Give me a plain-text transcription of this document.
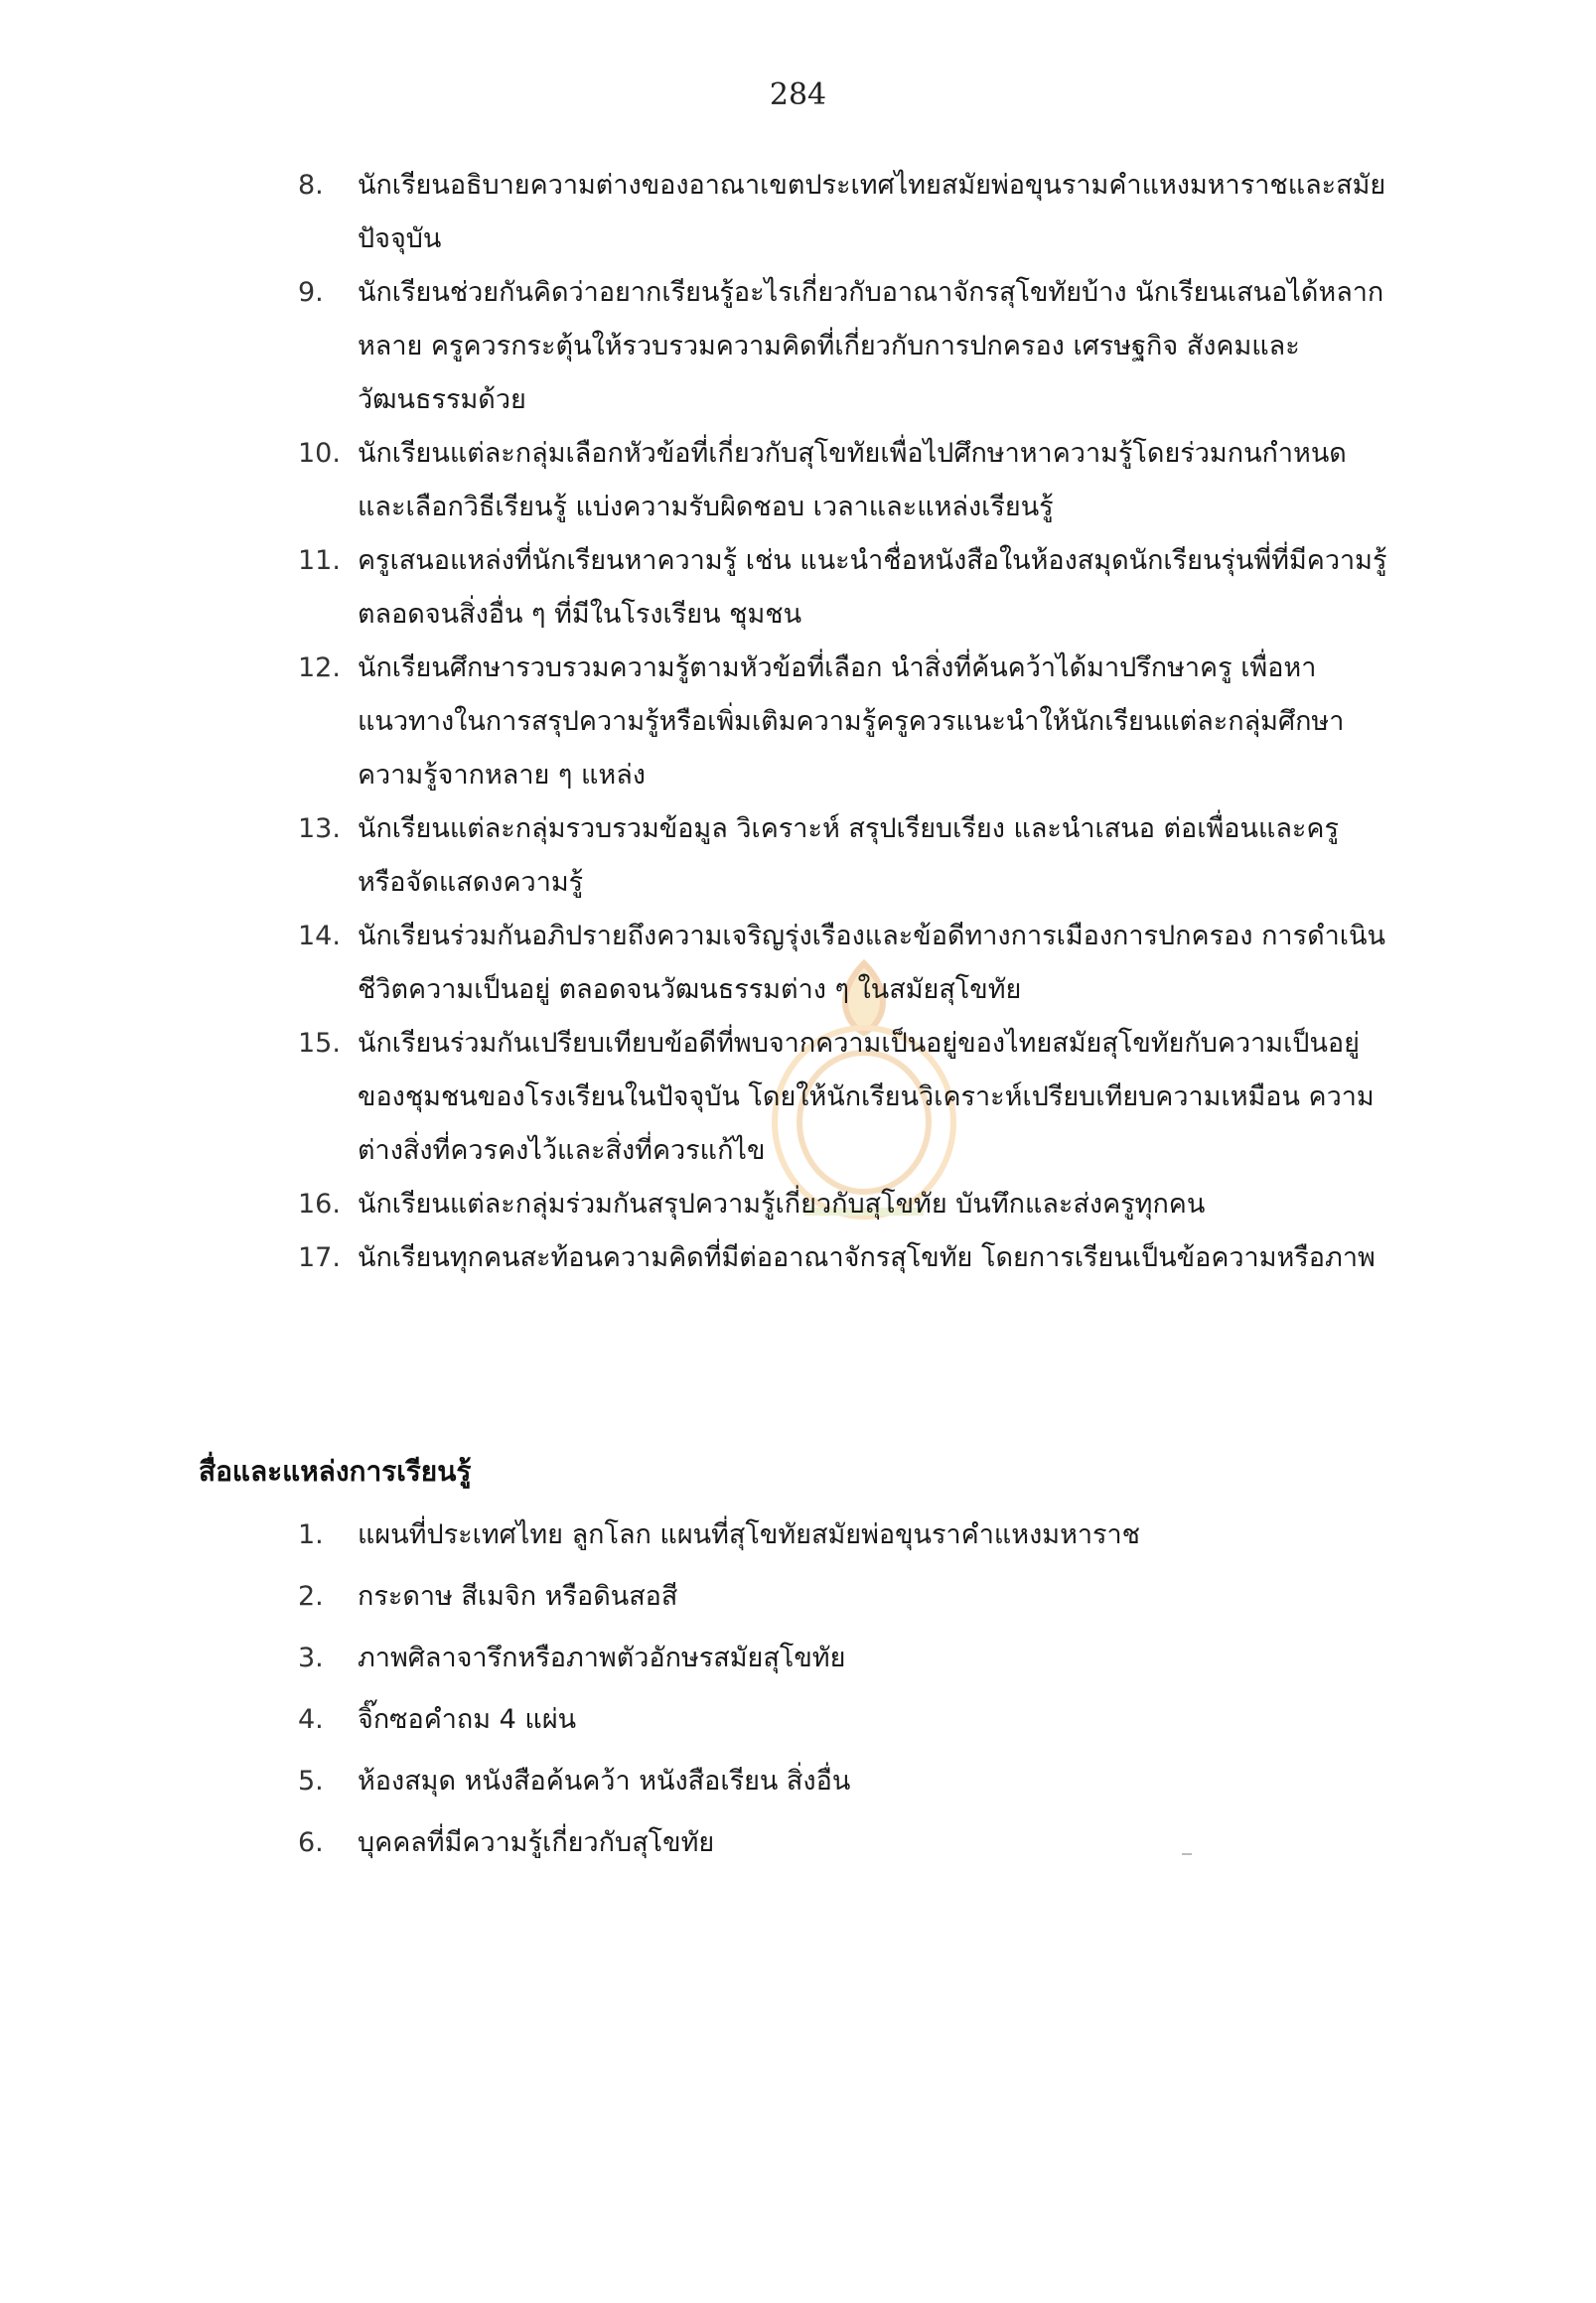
284
8.	นักเรียนอธิบายความต่างของอาณาเขตประเทศไทยสมัยพ่อขุนรามคำแหงมหาราชและสมัยปัจจุบัน
9.	นักเรียนช่วยกันคิดว่าอยากเรียนรู้อะไรเกี่ยวกับอาณาจักรสุโขทัยบ้าง นักเรียนเสนอได้หลากหลาย ครูควรกระตุ้นให้รวบรวมความคิดที่เกี่ยวกับการปกครอง เศรษฐกิจ สังคมและวัฒนธรรมด้วย
10. นักเรียนแต่ละกลุ่มเลือกหัวข้อที่เกี่ยวกับสุโขทัยเพื่อไปศึกษาหาความรู้โดยร่วมกนกำหนดและเลือกวิธีเรียนรู้ แบ่งความรับผิดชอบ เวลาและแหล่งเรียนรู้
11. ครูเสนอแหล่งที่นักเรียนหาความรู้ เช่น แนะนำชื่อหนังสือในห้องสมุดนักเรียนรุ่นพี่ที่มีความรู้ตลอดจนสิ่งอื่น ๆ ที่มีในโรงเรียน ชุมชน
12. นักเรียนศึกษารวบรวมความรู้ตามหัวข้อที่เลือก นำสิ่งที่ค้นคว้าได้มาปรึกษาครู เพื่อหาแนวทางในการสรุปความรู้หรือเพิ่มเติมความรู้ครูควรแนะนำให้นักเรียนแต่ละกลุ่มศึกษาความรู้จากหลาย ๆ แหล่ง
13. นักเรียนแต่ละกลุ่มรวบรวมข้อมูล วิเคราะห์ สรุปเรียบเรียง และนำเสนอ ต่อเพื่อนและครู หรือจัดแสดงความรู้
14. นักเรียนร่วมกันอภิปรายถึงความเจริญรุ่งเรืองและข้อดีทางการเมืองการปกครอง การดำเนินชีวิตความเป็นอยู่ ตลอดจนวัฒนธรรมต่าง ๆ ในสมัยสุโขทัย
15. นักเรียนร่วมกันเปรียบเทียบข้อดีที่พบจากความเป็นอยู่ของไทยสมัยสุโขทัยกับความเป็นอยู่ของชุมชนของโรงเรียนในปัจจุบัน โดยให้นักเรียนวิเคราะห์เปรียบเทียบความเหมือน ความต่างสิ่งที่ควรคงไว้และสิ่งที่ควรแก้ไข
16. นักเรียนแต่ละกลุ่มร่วมกันสรุปความรู้เกี่ยวกับสุโขทัย บันทึกและส่งครูทุกคน
17. นักเรียนทุกคนสะท้อนความคิดที่มีต่ออาณาจักรสุโขทัย โดยการเรียนเป็นข้อความหรือภาพ
สื่อและแหล่งการเรียนรู้
1.	แผนที่ประเทศไทย ลูกโลก แผนที่สุโขทัยสมัยพ่อขุนราคำแหงมหาราช
2.	กระดาษ สีเมจิก หรือดินสอสี
3.	ภาพศิลาจารึกหรือภาพตัวอักษรสมัยสุโขทัย
4.	จิ๊กซอคำถม 4 แผ่น
5.	ห้องสมุด หนังสือค้นคว้า หนังสือเรียน สิ่งอื่น
6.	บุคคลที่มีความรู้เกี่ยวกับสุโขทัย
